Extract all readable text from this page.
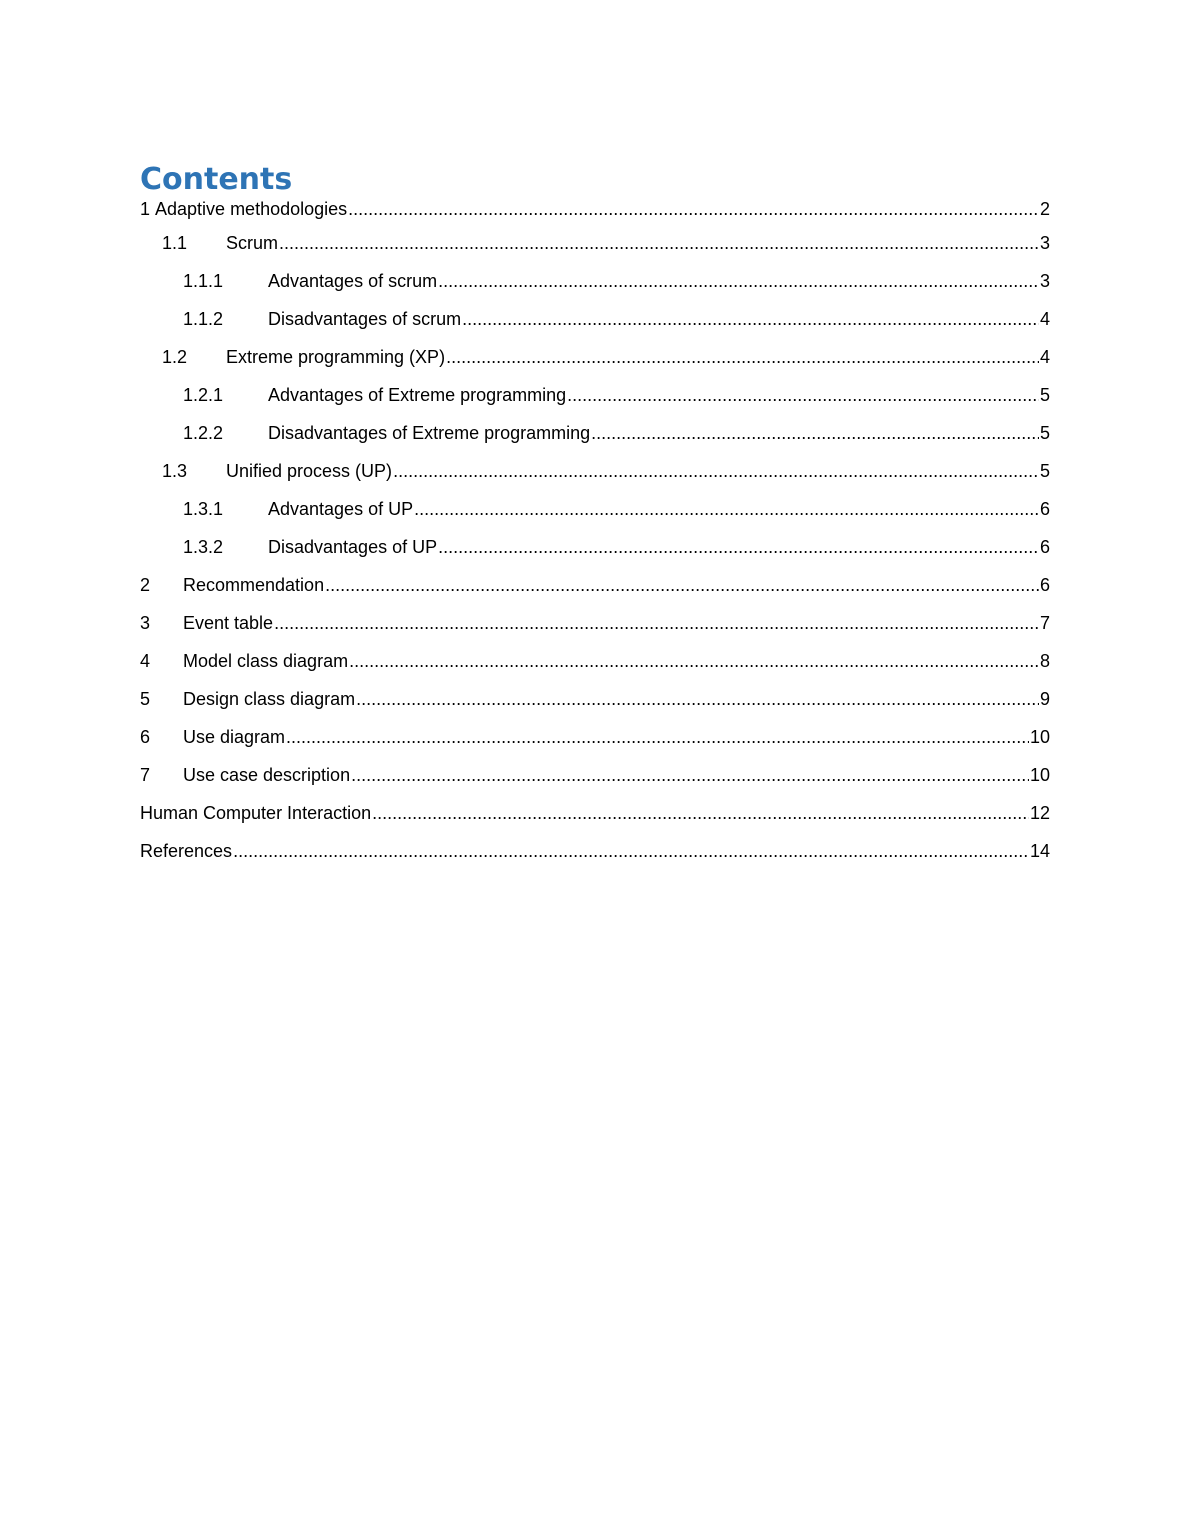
Contents
1 Adaptive methodologies .....	2
1.1	Scrum .....	3
1.1.1	Advantages of scrum .....	3
1.1.2	Disadvantages of scrum .....	4
1.2	Extreme programming (XP) .....	4
1.2.1	Advantages of Extreme programming .....	5
1.2.2	Disadvantages of Extreme programming .....	5
1.3	Unified process (UP) .....	5
1.3.1	Advantages of UP .....	6
1.3.2	Disadvantages of UP .....	6
2	Recommendation .....	6
3	Event table .....	7
4	Model class diagram .....	8
5	Design class diagram .....	9
6	Use diagram .....	10
7	Use case description .....	10
Human Computer Interaction .....	12
References .....	14
